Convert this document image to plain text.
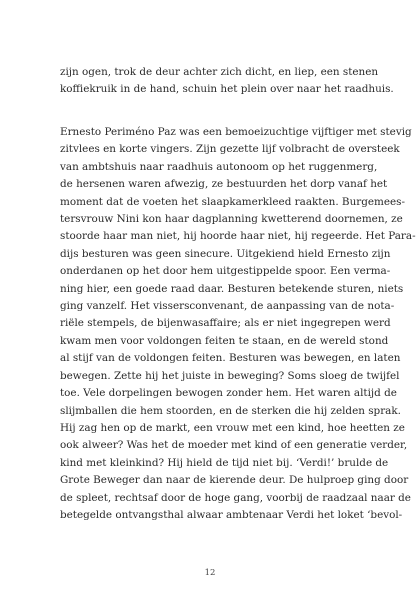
zijn ogen, trok de deur achter zich dicht, en liep, een stenen
koffiekruik in de hand, schuin het plein over naar het raadhuis.
Ernesto Periméno Paz was een bemoeizuchtige vijftiger met stevig
zitvlees en korte vingers. Zijn gezette lijf volbracht de oversteek
van ambtshuis naar raadhuis autonoom op het ruggenmerg,
de hersenen waren afwezig, ze bestuurden het dorp vanaf het
moment dat de voeten het slaapkamerkleed raakten. Burgemees-
tersvrouw Nini kon haar dagplanning kwetterend doornemen, ze
stoorde haar man niet, hij hoorde haar niet, hij regeerde. Het Para-
dijs besturen was geen sinecure. Uitgekiend hield Ernesto zijn
onderdanen op het door hem uitgestippelde spoor. Een verma-
ning hier, een goede raad daar. Besturen betekende sturen, niets
ging vanzelf. Het vissersconvenant, de aanpassing van de nota-
riële stempels, de bijenwasaffaire; als er niet ingegrepen werd
kwam men voor voldongen feiten te staan, en de wereld stond
al stijf van de voldongen feiten. Besturen was bewegen, en laten
bewegen. Zette hij het juiste in beweging? Soms sloeg de twijfel
toe. Vele dorpelingen bewogen zonder hem. Het waren altijd de
slijmballen die hem stoorden, en de sterken die hij zelden sprak.
Hij zag hen op de markt, een vrouw met een kind, hoe heetten ze
ook alweer? Was het de moeder met kind of een generatie verder,
kind met kleinkind? Hij hield de tijd niet bij. ‘Verdi!’ brulde de
Grote Beweger dan naar de kierende deur. De hulproep ging door
de spleet, rechtsaf door de hoge gang, voorbij de raadzaal naar de
betegelde ontvangsthal alwaar ambtenaar Verdi het loket ‘bevol-
12
